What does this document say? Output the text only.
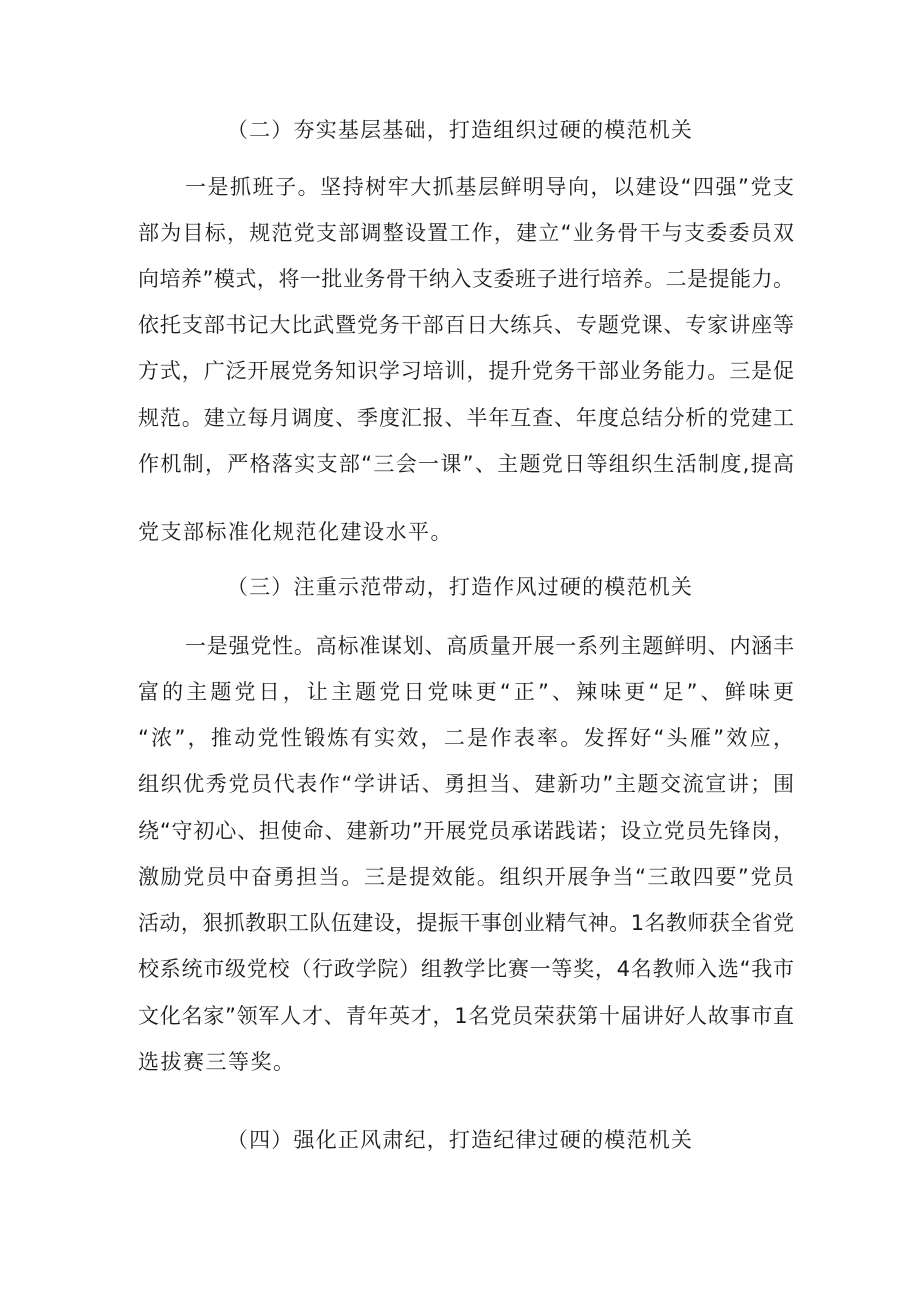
（二）夯实基层基础，打造组织过硬的模范机关
一是抓班子。坚持树牢大抓基层鲜明导向，以建设“四强”党支
部为目标，规范党支部调整设置工作，建立“业务骨干与支委委员双
向培养”模式，将一批业务骨干纳入支委班子进行培养。二是提能力。
依托支部书记大比武暨党务干部百日大练兵、专题党课、专家讲座等
方式，广泛开展党务知识学习培训，提升党务干部业务能力。三是促
规范。建立每月调度、季度汇报、半年互查、年度总结分析的党建工
作机制，严格落实支部“三会一课”、主题党日等组织生活制度,提高
党支部标准化规范化建设水平。
（三）注重示范带动，打造作风过硬的模范机关
一是强党性。高标准谋划、高质量开展一系列主题鲜明、内涵丰
富的主题党日，让主题党日党味更“正”、辣味更“足”、鲜味更
“浓”，推动党性锻炼有实效，二是作表率。发挥好“头雁”效应，
组织优秀党员代表作“学讲话、勇担当、建新功”主题交流宣讲；围
绕“守初心、担使命、建新功”开展党员承诺践诺；设立党员先锋岗，
激励党员中奋勇担当。三是提效能。组织开展争当“三敢四要”党员
活动，狠抓教职工队伍建设，提振干事创业精气神。1名教师获全省党
校系统市级党校（行政学院）组教学比赛一等奖，4名教师入选“我市
文化名家”领军人才、青年英才，1名党员荣获第十届讲好人故事市直
选拔赛三等奖。
（四）强化正风肃纪，打造纪律过硬的模范机关
